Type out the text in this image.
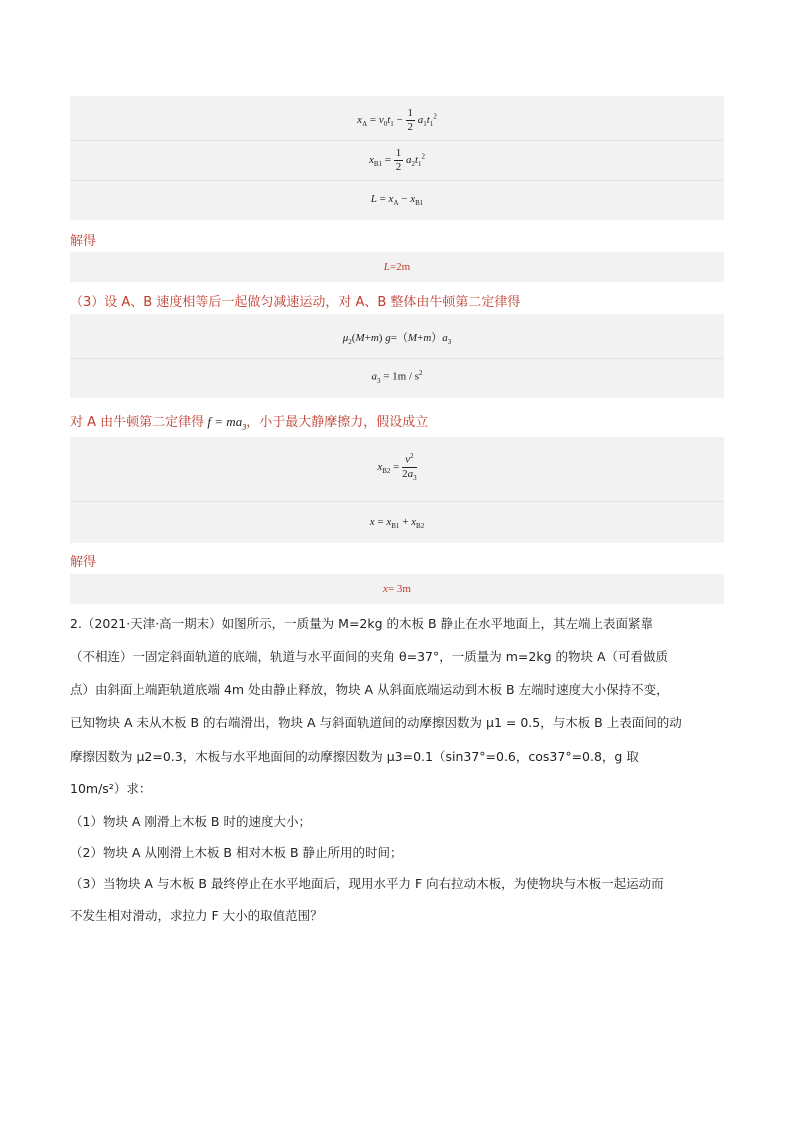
$x_A = v_0t_1 - \frac{1}{2} a_1t_1^2$
$x_{B1} = \frac{1}{2} a_2t_1^2$
$L = x_A - x_{B1}$
解得
L=2m
（3）设 A、B 速度相等后一起做匀减速运动，对 A、B 整体由牛顿第二定律得
$\mu_2(M+m)$ $g=(M+m)a_3$
$a_3 = 1m / s^2$
对 A 由牛顿第二定律得 $f = ma_3$，小于最大静摩擦力，假设成立
$x_{B2} = \frac{v^2}{2a_3}$
$x = x_{B1} + x_{B2}$
解得
x= 3m
2.（2021·天津·高一期末）如图所示，一质量为 M=2kg 的木板 B 静止在水平地面上，其左端上表面紧靠
（不相连）一固定斜面轨道的底端，轨道与水平面间的夹角 θ=37°，一质量为 m=2kg 的物块 A（可看做质
点）由斜面上端距轨道底端 4m 处由静止释放，物块 A 从斜面底端运动到木板 B 左端时速度大小保持不变，
已知物块 A 未从木板 B 的右端滑出，物块 A 与斜面轨道间的动摩擦因数为 μ1 = 0.5，与木板 B 上表面间的动
摩擦因数为 μ2=0.3，木板与水平地面间的动摩擦因数为 μ3=0.1（sin37°=0.6，cos37°=0.8，g 取
10m/s²）求：
（1）物块 A 刚滑上木板 B 时的速度大小；
（2）物块 A 从刚滑上木板 B 相对木板 B 静止所用的时间；
（3）当物块 A 与木板 B 最终停止在水平地面后，现用水平力 F 向右拉动木板，为使物块与木板一起运动而
不发生相对滑动，求拉力 F 大小的取值范围？
